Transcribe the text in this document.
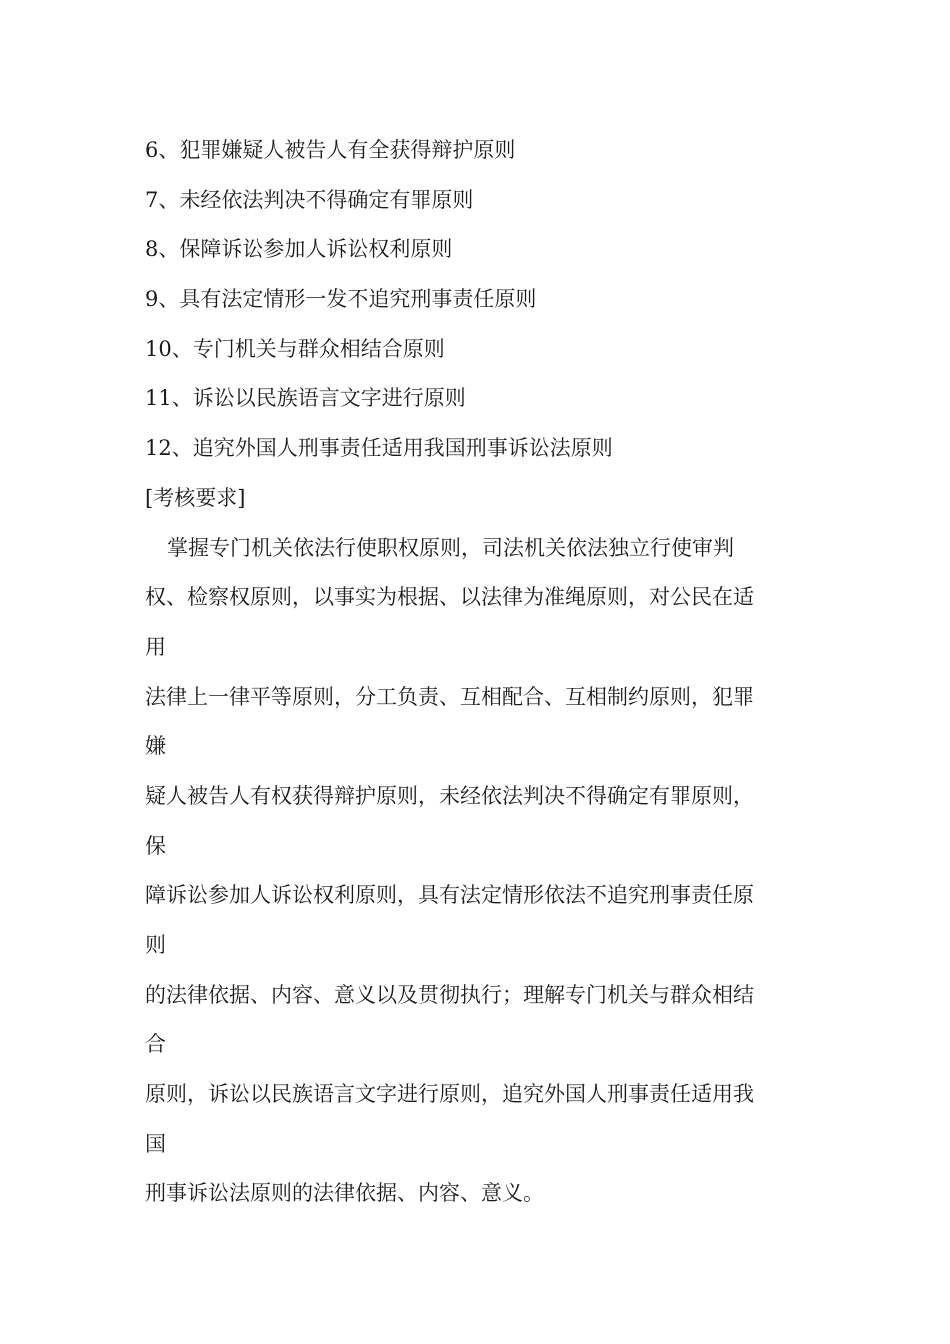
6、犯罪嫌疑人被告人有全获得辩护原则
7、未经依法判决不得确定有罪原则
8、保障诉讼参加人诉讼权利原则
9、具有法定情形一发不追究刑事责任原则
10、专门机关与群众相结合原则
11、诉讼以民族语言文字进行原则
12、追究外国人刑事责任适用我国刑事诉讼法原则
[考核要求]
掌握专门机关依法行使职权原则，司法机关依法独立行使审判
权、检察权原则，以事实为根据、以法律为准绳原则，对公民在适
用
法律上一律平等原则，分工负责、互相配合、互相制约原则，犯罪
嫌
疑人被告人有权获得辩护原则，未经依法判决不得确定有罪原则，
保
障诉讼参加人诉讼权利原则，具有法定情形依法不追究刑事责任原
则
的法律依据、内容、意义以及贯彻执行；理解专门机关与群众相结
合
原则，诉讼以民族语言文字进行原则，追究外国人刑事责任适用我
国
刑事诉讼法原则的法律依据、内容、意义。
